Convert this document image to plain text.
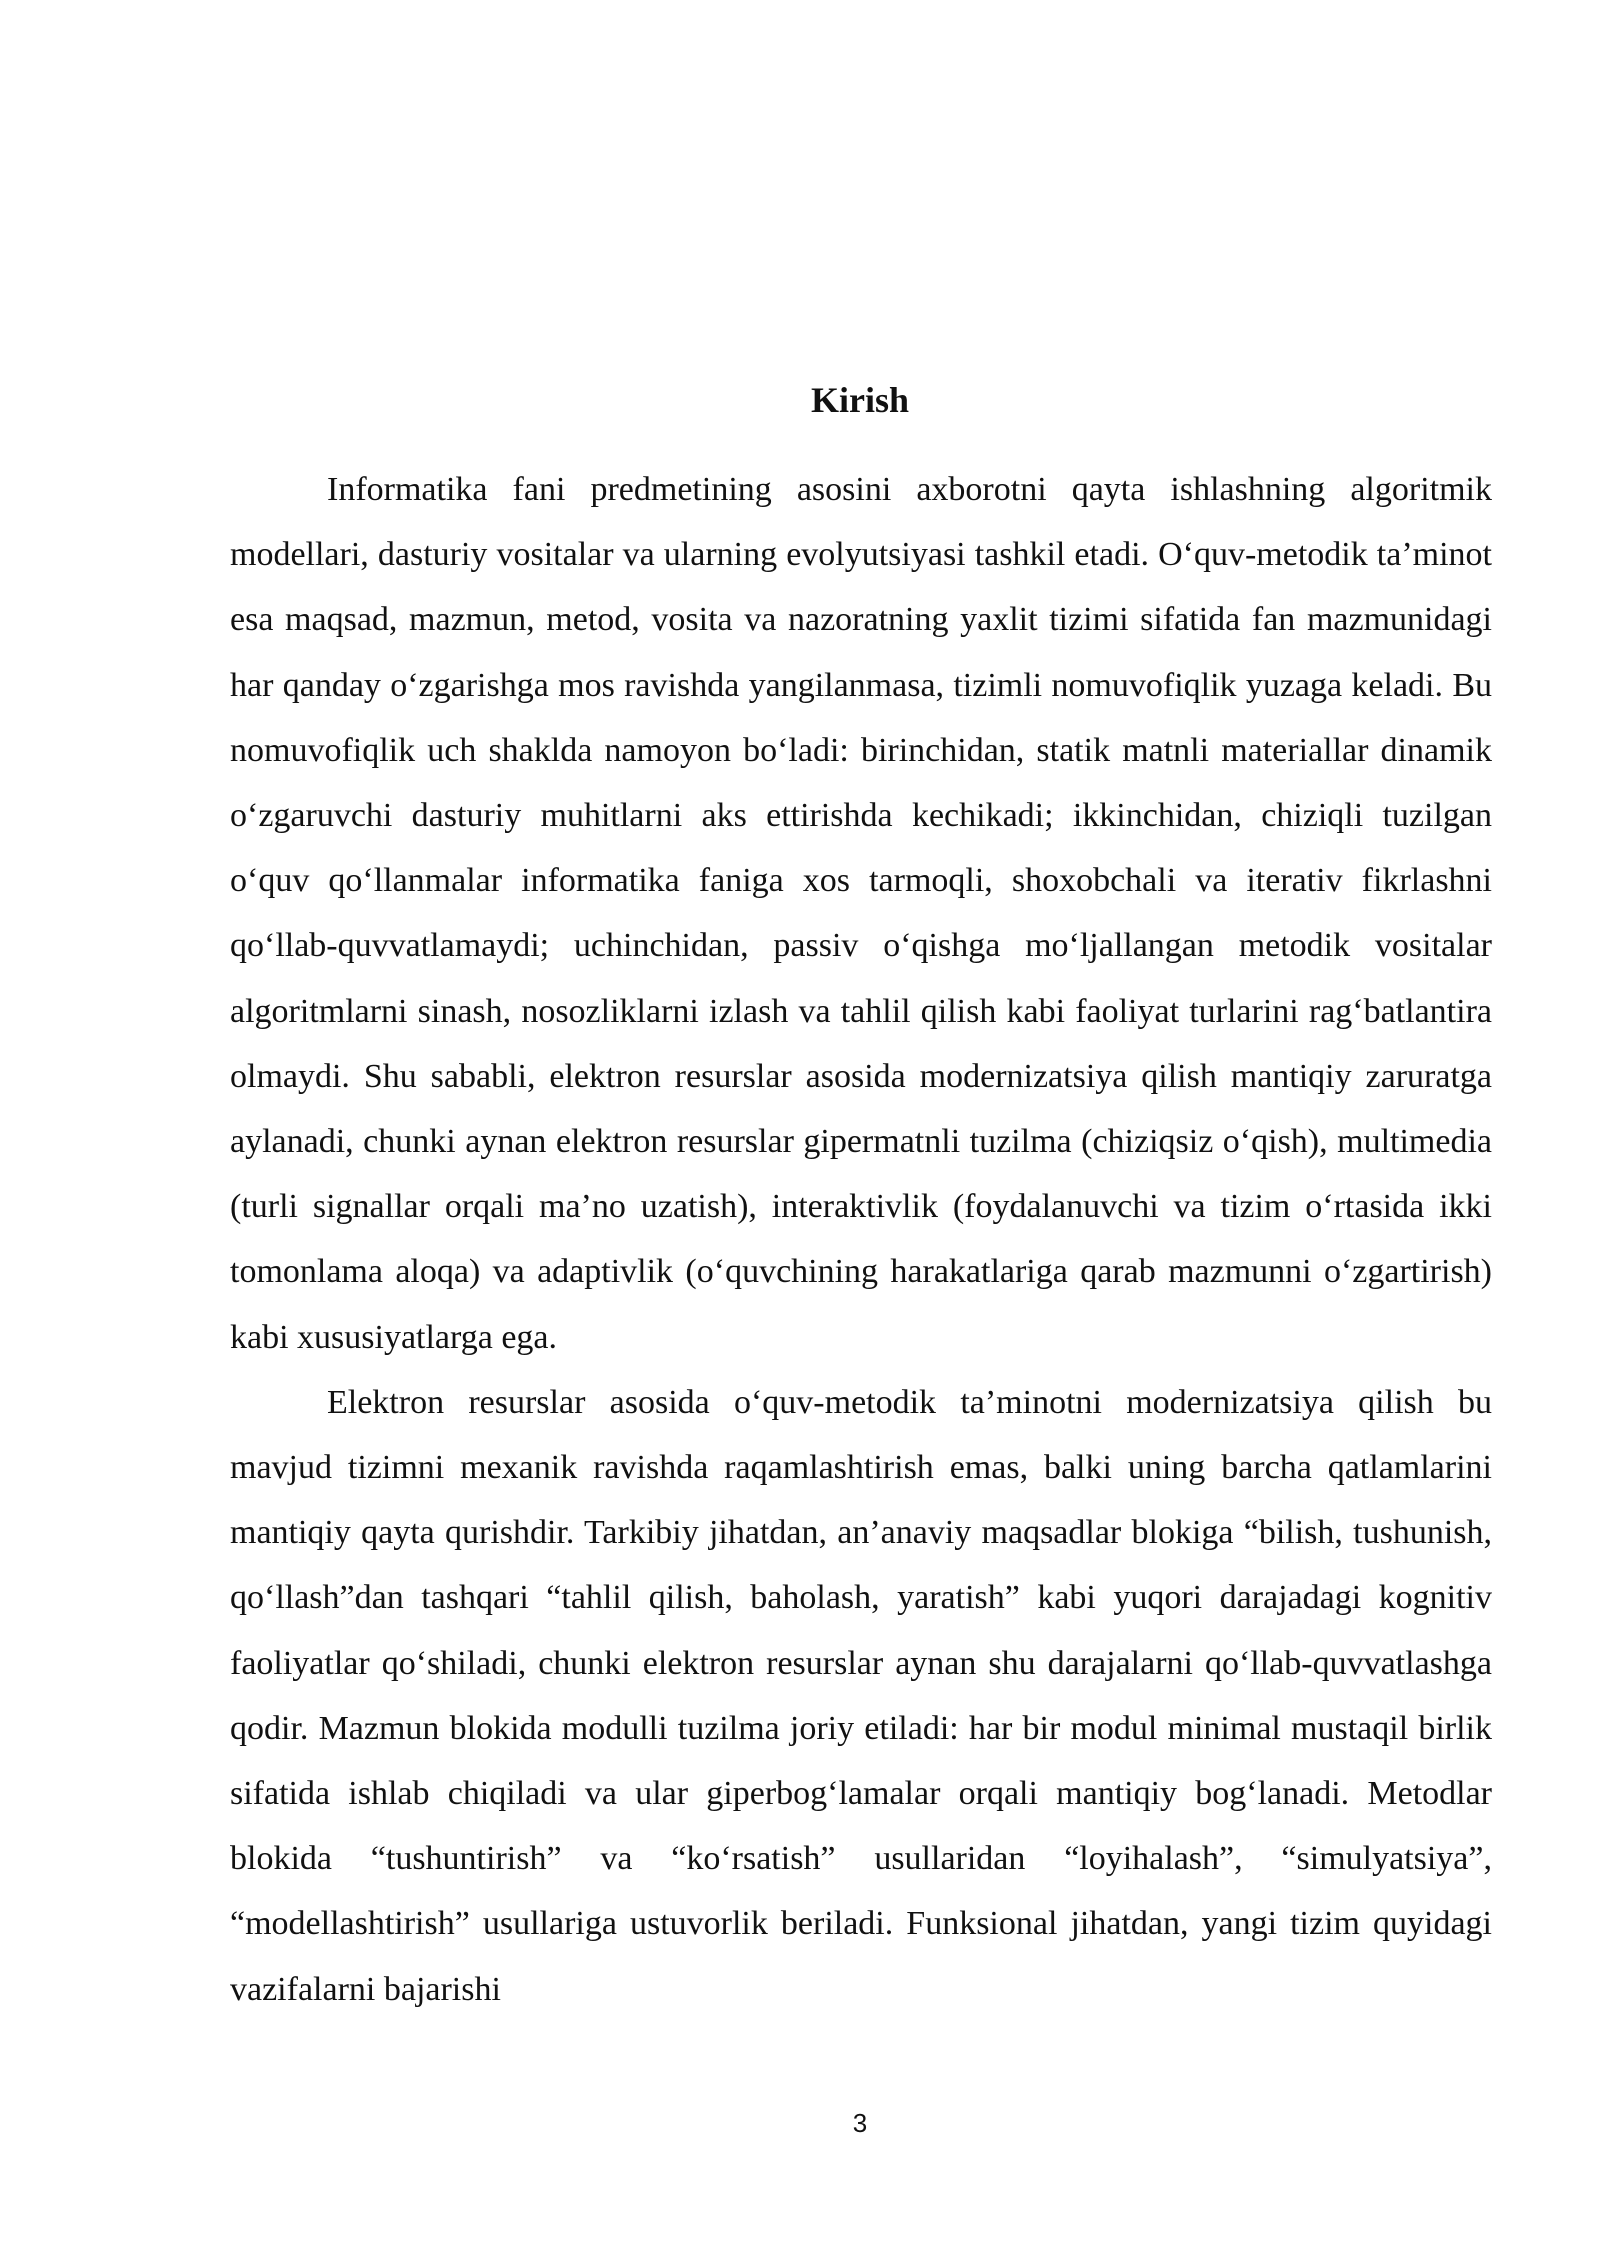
Kirish

Informatika fani predmetining asosini axborotni qayta ishlashning algoritmik modellari, dasturiy vositalar va ularning evolyutsiyasi tashkil etadi. O‘quv-metodik ta’minot esa maqsad, mazmun, metod, vosita va nazoratning yaxlit tizimi sifatida fan mazmunidagi har qanday o‘zgarishga mos ravishda yangilanmasa, tizimli nomuvofiqlik yuzaga keladi. Bu nomuvofiqlik uch shaklda namoyon bo‘ladi: birinchidan, statik matnli materiallar dinamik o‘zgaruvchi dasturiy muhitlarni aks ettirishda kechikadi; ikkinchidan, chiziqli tuzilgan o‘quv qo‘llanmalar informatika faniga xos tarmoqli, shoxobchali va iterativ fikrlashni qo‘llab-quvvatlamaydi; uchinchidan, passiv o‘qishga mo‘ljallangan metodik vositalar algoritmlarni sinash, nosozliklarni izlash va tahlil qilish kabi faoliyat turlarini rag‘batlantira olmaydi. Shu sababli, elektron resurslar asosida modernizatsiya qilish mantiqiy zaruratga aylanadi, chunki aynan elektron resurslar gipermatnli tuzilma (chiziqsiz o‘qish), multimedia (turli signallar orqali ma’no uzatish), interaktivlik (foydalanuvchi va tizim o‘rtasida ikki tomonlama aloqa) va adaptivlik (o‘quvchining harakatlariga qarab mazmunni o‘zgartirish) kabi xususiyatlarga ega.

Elektron resurslar asosida o‘quv-metodik ta’minotni modernizatsiya qilish bu mavjud tizimni mexanik ravishda raqamlashtirish emas, balki uning barcha qatlamlarini mantiqiy qayta qurishdir. Tarkibiy jihatdan, an’anaviy maqsadlar blokiga “bilish, tushunish, qo‘llash”dan tashqari “tahlil qilish, baholash, yaratish” kabi yuqori darajadagi kognitiv faoliyatlar qo‘shiladi, chunki elektron resurslar aynan shu darajalarni qo‘llab-quvvatlashga qodir. Mazmun blokida modulli tuzilma joriy etiladi: har bir modul minimal mustaqil birlik sifatida ishlab chiqiladi va ular giperbog‘lamalar orqali mantiqiy bog‘lanadi. Metodlar blokida “tushuntirish” va “ko‘rsatish” usullaridan “loyihalash”, “simulyatsiya”, “modellashtirish” usullariga ustuvorlik beriladi. Funksional jihatdan, yangi tizim quyidagi vazifalarni bajarishi

3
